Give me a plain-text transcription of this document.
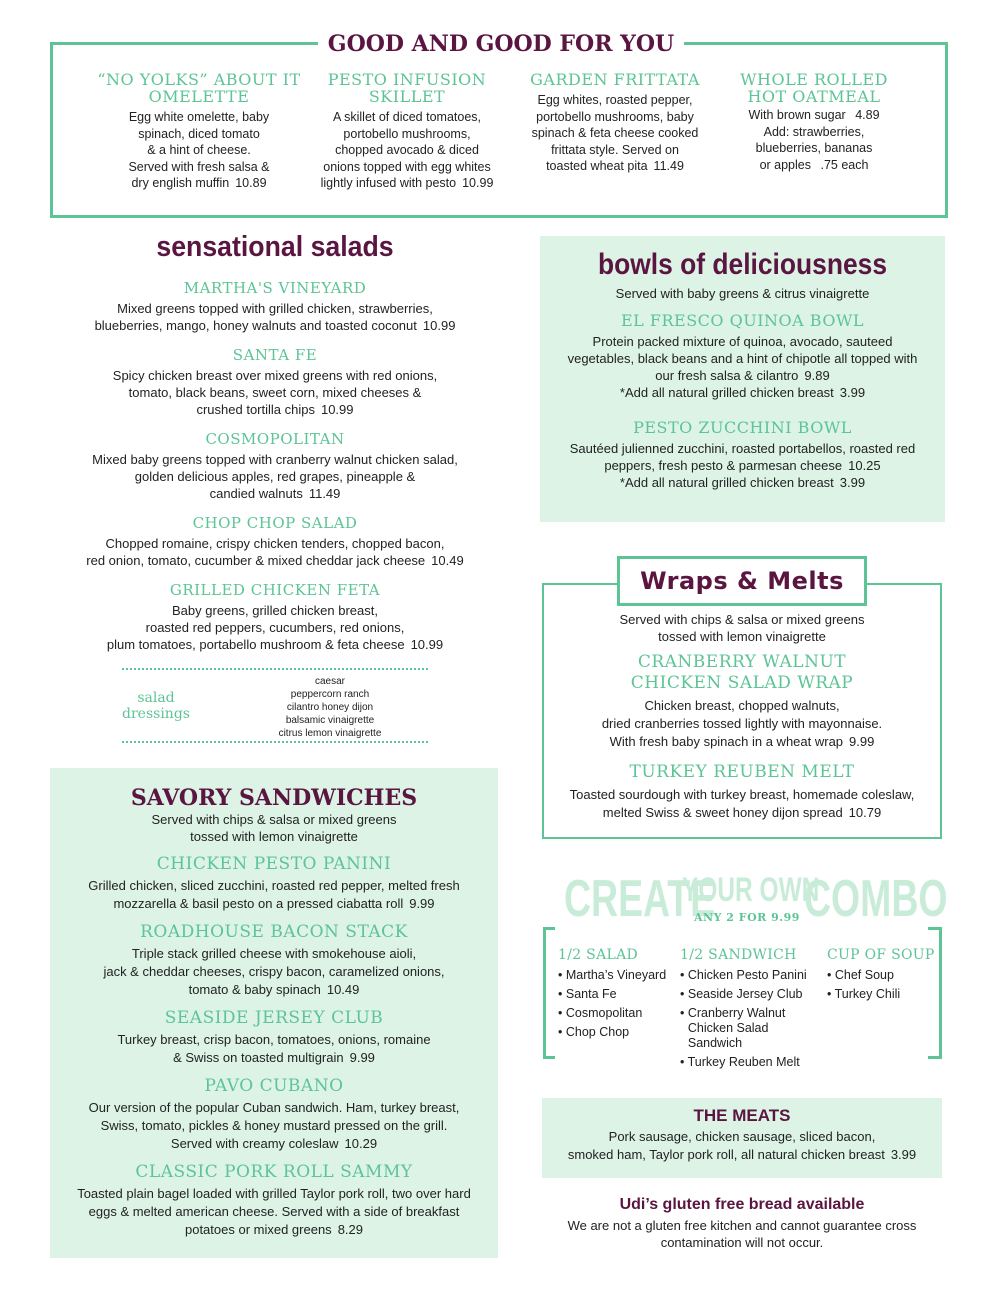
GOOD AND GOOD FOR YOU
“NO YOLKS” ABOUT IT
OMELETTE
Egg white omelette, baby
spinach, diced tomato
& a hint of cheese.
Served with fresh salsa &
dry english muffin 10.89
PESTO INFUSION
SKILLET
A skillet of diced tomatoes,
portobello mushrooms,
chopped avocado & diced
onions topped with egg whites
lightly infused with pesto 10.99
GARDEN FRITTATA
Egg whites, roasted pepper,
portobello mushrooms, baby
spinach & feta cheese cooked
frittata style. Served on
toasted wheat pita 11.49
WHOLE ROLLED
HOT OATMEAL
With brown sugar 4.89
Add: strawberries,
blueberries, bananas
or apples .75 each
sensational salads
MARTHA'S VINEYARD
Mixed greens topped with grilled chicken, strawberries,
blueberries, mango, honey walnuts and toasted coconut 10.99
SANTA FE
Spicy chicken breast over mixed greens with red onions,
tomato, black beans, sweet corn, mixed cheeses &
crushed tortilla chips 10.99
COSMOPOLITAN
Mixed baby greens topped with cranberry walnut chicken salad,
golden delicious apples, red grapes, pineapple &
candied walnuts 11.49
CHOP CHOP SALAD
Chopped romaine, crispy chicken tenders, chopped bacon,
red onion, tomato, cucumber & mixed cheddar jack cheese 10.49
GRILLED CHICKEN FETA
Baby greens, grilled chicken breast,
roasted red peppers, cucumbers, red onions,
plum tomatoes, portabello mushroom & feta cheese 10.99
salad
dressings
caesar
peppercorn ranch
cilantro honey dijon
balsamic vinaigrette
citrus lemon vinaigrette
bowls of deliciousness
Served with baby greens & citrus vinaigrette
EL FRESCO QUINOA BOWL
Protein packed mixture of quinoa, avocado, sauteed
vegetables, black beans and a hint of chipotle all topped with
our fresh salsa & cilantro 9.89
*Add all natural grilled chicken breast 3.99
PESTO ZUCCHINI BOWL
Sautéed julienned zucchini, roasted portabellos, roasted red
peppers, fresh pesto & parmesan cheese 10.25
*Add all natural grilled chicken breast 3.99
Wraps & Melts
Served with chips & salsa or mixed greens
tossed with lemon vinaigrette
CRANBERRY WALNUT
CHICKEN SALAD WRAP
Chicken breast, chopped walnuts,
dried cranberries tossed lightly with mayonnaise.
With fresh baby spinach in a wheat wrap 9.99
TURKEY REUBEN MELT
Toasted sourdough with turkey breast, homemade coleslaw,
melted Swiss & sweet honey dijon spread 10.79
SAVORY SANDWICHES
Served with chips & salsa or mixed greens
tossed with lemon vinaigrette
CHICKEN PESTO PANINI
Grilled chicken, sliced zucchini, roasted red pepper, melted fresh
mozzarella & basil pesto on a pressed ciabatta roll 9.99
ROADHOUSE BACON STACK
Triple stack grilled cheese with smokehouse aioli,
jack & cheddar cheeses, crispy bacon, caramelized onions,
tomato & baby spinach 10.49
SEASIDE JERSEY CLUB
Turkey breast, crisp bacon, tomatoes, onions, romaine
& Swiss on toasted multigrain 9.99
PAVO CUBANO
Our version of the popular Cuban sandwich. Ham, turkey breast,
Swiss, tomato, pickles & honey mustard pressed on the grill.
Served with creamy coleslaw 10.29
CLASSIC PORK ROLL SAMMY
Toasted plain bagel loaded with grilled Taylor pork roll, two over hard
eggs & melted american cheese. Served with a side of breakfast
potatoes or mixed greens 8.29
CREATE
YOUR OWN
ANY 2 FOR 9.99 COMBO
1/2 SALAD
• Martha’s Vineyard
• Santa Fe
• Cosmopolitan
• Chop Chop
1/2 SANDWICH
• Chicken Pesto Panini
• Seaside Jersey Club
• Cranberry Walnut
Chicken Salad Sandwich
• Turkey Reuben Melt
CUP OF SOUP
• Chef Soup
• Turkey Chili
THE MEATS
Pork sausage, chicken sausage, sliced bacon,
smoked ham, Taylor pork roll, all natural chicken breast 3.99
Udi’s gluten free bread available
We are not a gluten free kitchen and cannot guarantee cross
contamination will not occur.
